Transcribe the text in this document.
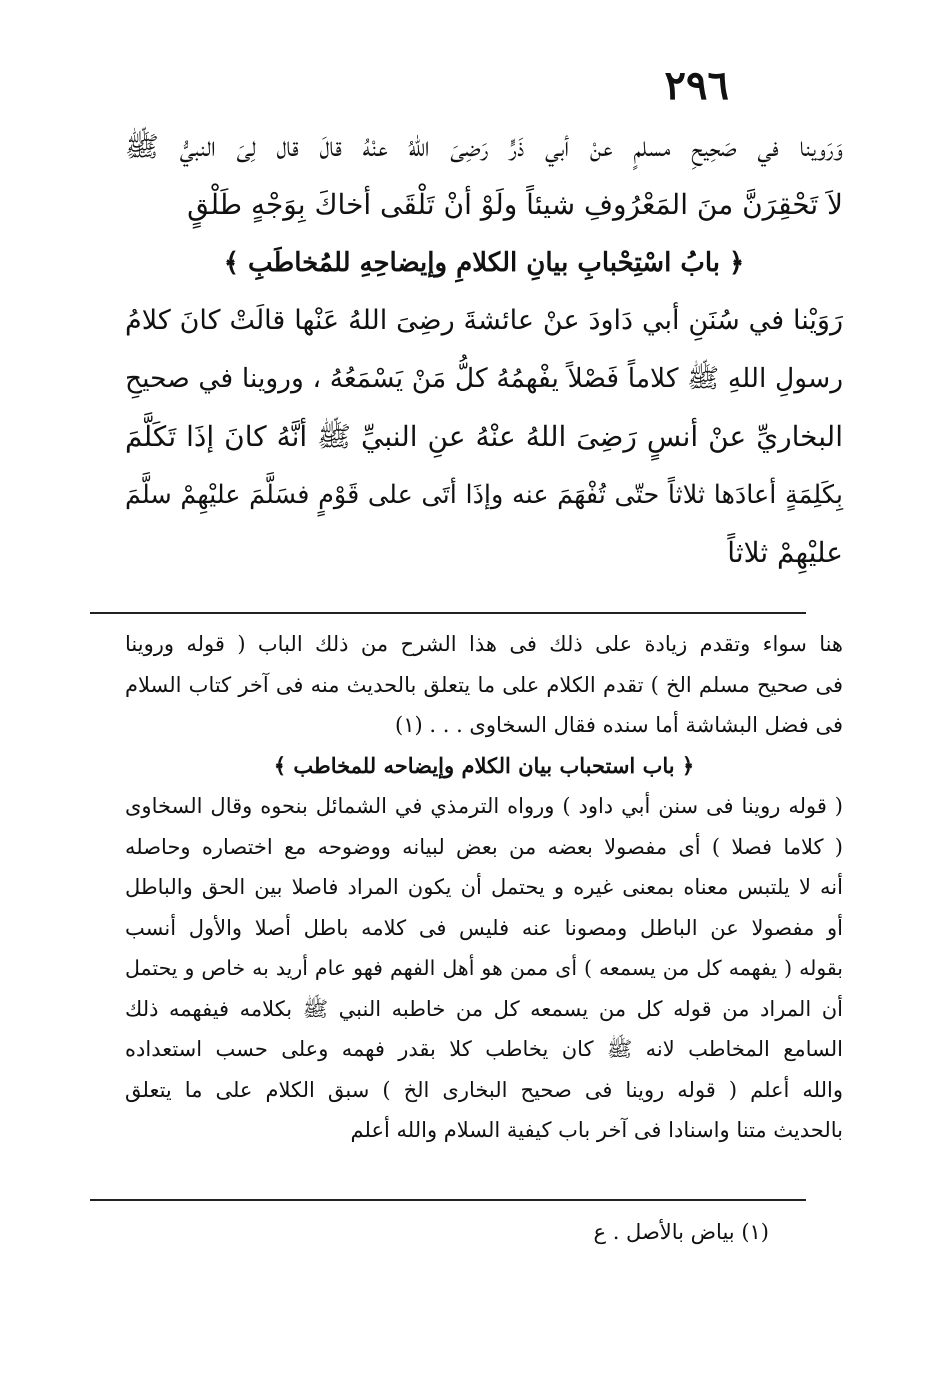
٢٩٦
وَرَوينا في صَحِيحِ مسلمٍ عنْ أبي ذَرٍّ رَضِىَ اللهُ عنْهُ قالَ قال لِىَ النبيُّ ﷺ
لاَ تَحْقِرَنَّ منَ المَعْرُوفِ شيئاً ولَوْ أنْ تَلْقَى أخاكَ بِوَجْهٍ طَلْقٍ
﴿ بابُ اسْتِحْبابِ بيانِ الكلامِ وإيضاحِهِ للمُخاطَبِ ﴾
رَوَيْنا في سُنَنِ أبي دَاودَ عنْ عائشةَ رضِىَ اللهُ عَنْها قالَتْ كانَ كلامُ
رسولِ اللهِ ﷺ كلاماً فَصْلاً يفْهمُهُ كلُّ مَنْ يَسْمَعُهُ ، وروينا في صحيحِ
البخاريِّ عنْ أنسٍ رَضِىَ اللهُ عنْهُ عنِ النبيِّ ﷺ أنَّهُ كانَ إذَا تَكَلَّمَ
بِكَلِمَةٍ أعادَها ثلاثاً حتّى تُفْهَمَ عنه وإذَا أتَى على قَوْمٍ فسَلَّمَ عليْهِمْ سلَّمَ
عليْهِمْ ثلاثاً
هنا سواء وتقدم زيادة على ذلك فى هذا الشرح من ذلك الباب ( قوله وروينا
فى صحيح مسلم الخ ) تقدم الكلام على ما يتعلق بالحديث منه فى آخر كتاب السلام
فى فضل البشاشة أما سنده فقال السخاوى . . . (١)
﴿ باب استحباب بيان الكلام وإيضاحه للمخاطب ﴾
( قوله روينا فى سنن أبي داود ) ورواه الترمذي في الشمائل بنحوه وقال السخاوى
( كلاما فصلا ) أى مفصولا بعضه من بعض لبيانه ووضوحه مع اختصاره وحاصله
أنه لا يلتبس معناه بمعنى غيره و يحتمل أن يكون المراد فاصلا بين الحق والباطل
أو مفصولا عن الباطل ومصونا عنه فليس فى كلامه باطل أصلا والأول أنسب
بقوله ( يفهمه كل من يسمعه ) أى ممن هو أهل الفهم فهو عام أريد به خاص و يحتمل
أن المراد من قوله كل من يسمعه كل من خاطبه النبي ﷺ بكلامه فيفهمه ذلك
السامع المخاطب لانه ﷺ كان يخاطب كلا بقدر فهمه وعلى حسب استعداده
والله أعلم ( قوله روينا فى صحيح البخارى الخ ) سبق الكلام على ما يتعلق
بالحديث متنا واسنادا فى آخر باب كيفية السلام والله أعلم
(١) بياض بالأصل . ع
